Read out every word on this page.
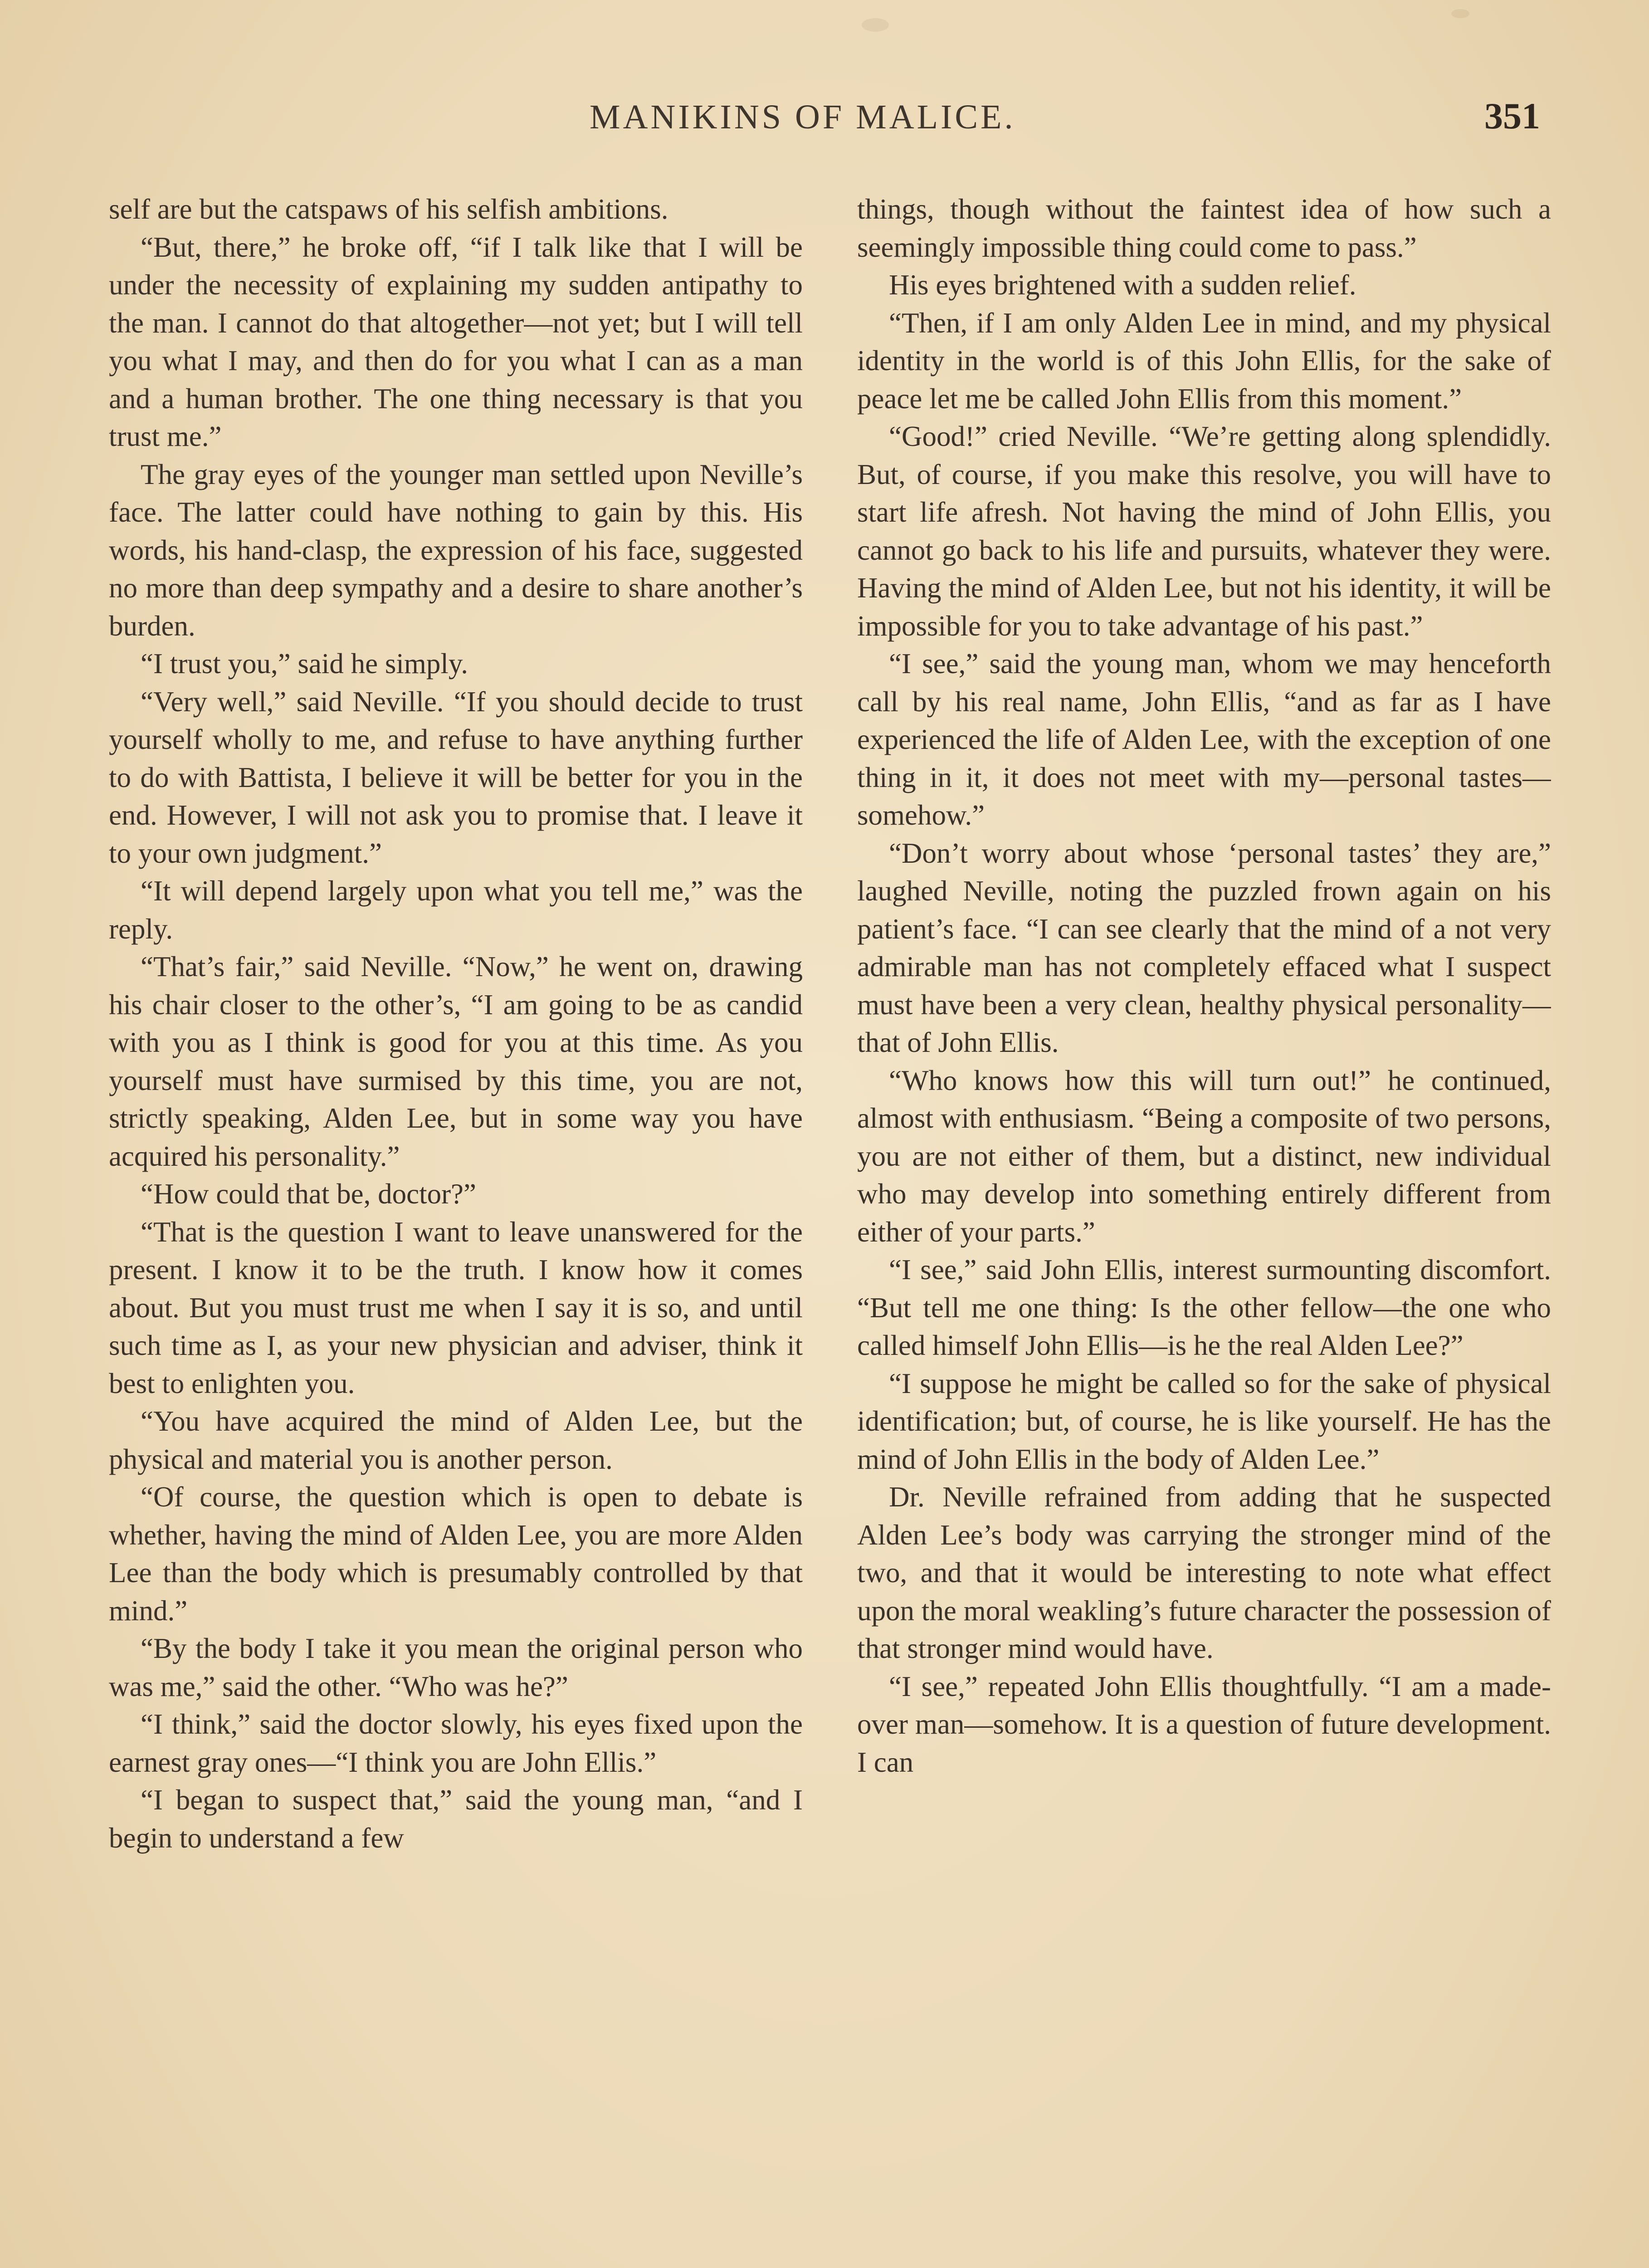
MANIKINS OF MALICE.	351

self are but the catspaws of his selfish ambitions.

“But, there,” he broke off, “if I talk like that I will be under the necessity of explaining my sudden antipathy to the man. I cannot do that altogether—not yet; but I will tell you what I may, and then do for you what I can as a man and a human brother. The one thing necessary is that you trust me.”

The gray eyes of the younger man settled upon Neville’s face. The latter could have nothing to gain by this. His words, his hand-clasp, the expression of his face, suggested no more than deep sympathy and a desire to share another’s burden.

“I trust you,” said he simply.

“Very well,” said Neville. “If you should decide to trust yourself wholly to me, and refuse to have anything further to do with Battista, I believe it will be better for you in the end. However, I will not ask you to promise that. I leave it to your own judgment.”

“It will depend largely upon what you tell me,” was the reply.

“That’s fair,” said Neville. “Now,” he went on, drawing his chair closer to the other’s, “I am going to be as candid with you as I think is good for you at this time. As you yourself must have surmised by this time, you are not, strictly speaking, Alden Lee, but in some way you have acquired his personality.”

“How could that be, doctor?”

“That is the question I want to leave unanswered for the present. I know it to be the truth. I know how it comes about. But you must trust me when I say it is so, and until such time as I, as your new physician and adviser, think it best to enlighten you.

“You have acquired the mind of Alden Lee, but the physical and material you is another person.

“Of course, the question which is open to debate is whether, having the mind of Alden Lee, you are more Alden Lee than the body which is presumably controlled by that mind.”

“By the body I take it you mean the original person who was me,” said the other. “Who was he?”

“I think,” said the doctor slowly, his eyes fixed upon the earnest gray ones—“I think you are John Ellis.”

“I began to suspect that,” said the young man, “and I begin to understand a few

things, though without the faintest idea of how such a seemingly impossible thing could come to pass.”

His eyes brightened with a sudden relief.

“Then, if I am only Alden Lee in mind, and my physical identity in the world is of this John Ellis, for the sake of peace let me be called John Ellis from this moment.”

“Good!” cried Neville. “We’re getting along splendidly. But, of course, if you make this resolve, you will have to start life afresh. Not having the mind of John Ellis, you cannot go back to his life and pursuits, whatever they were. Having the mind of Alden Lee, but not his identity, it will be impossible for you to take advantage of his past.”

“I see,” said the young man, whom we may henceforth call by his real name, John Ellis, “and as far as I have experienced the life of Alden Lee, with the exception of one thing in it, it does not meet with my—personal tastes—somehow.”

“Don’t worry about whose ‘personal tastes’ they are,” laughed Neville, noting the puzzled frown again on his patient’s face. “I can see clearly that the mind of a not very admirable man has not completely effaced what I suspect must have been a very clean, healthy physical personality—that of John Ellis.

“Who knows how this will turn out!” he continued, almost with enthusiasm. “Being a composite of two persons, you are not either of them, but a distinct, new individual who may develop into something entirely different from either of your parts.”

“I see,” said John Ellis, interest surmounting discomfort. “But tell me one thing: Is the other fellow—the one who called himself John Ellis—is he the real Alden Lee?”

“I suppose he might be called so for the sake of physical identification; but, of course, he is like yourself. He has the mind of John Ellis in the body of Alden Lee.”

Dr. Neville refrained from adding that he suspected Alden Lee’s body was carrying the stronger mind of the two, and that it would be interesting to note what effect upon the moral weakling’s future character the possession of that stronger mind would have.

“I see,” repeated John Ellis thoughtfully. “I am a made-over man—somehow. It is a question of future development. I can
